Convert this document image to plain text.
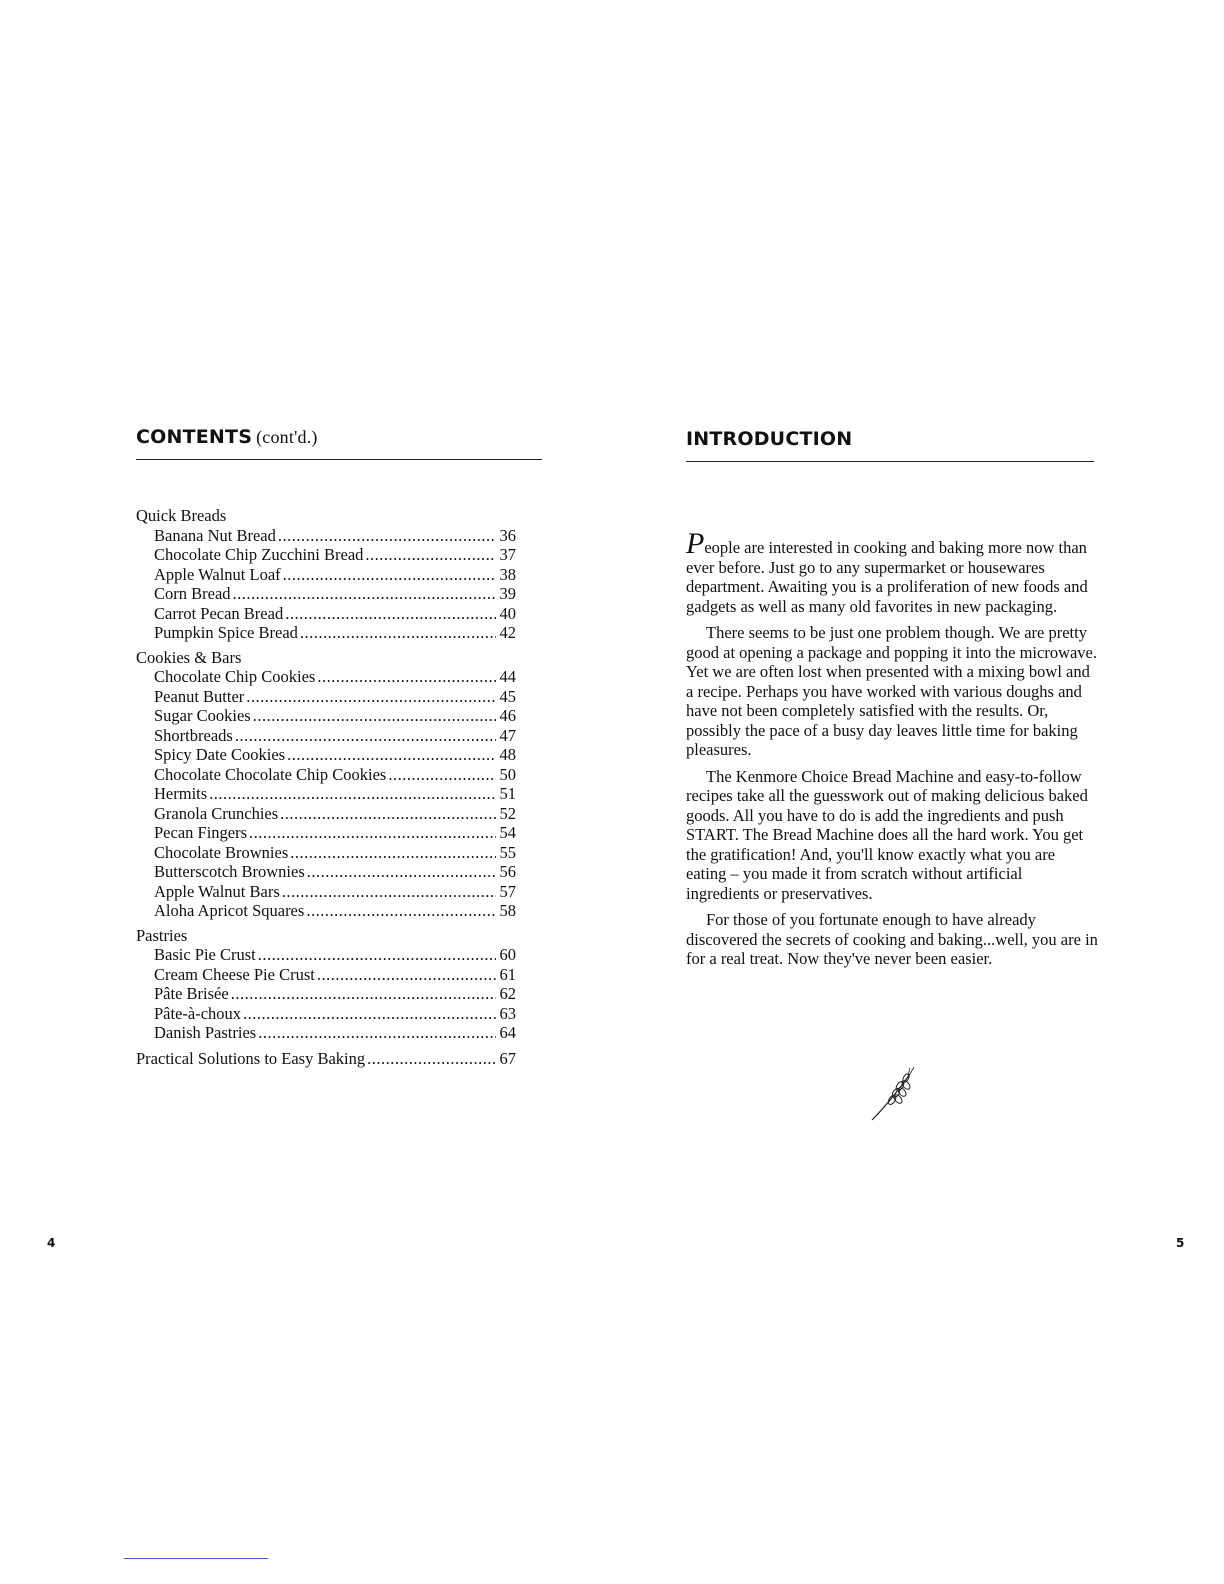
CONTENTS (cont'd.)
Quick Breads
Banana Nut Bread .....	36
Chocolate Chip Zucchini Bread .....	37
Apple Walnut Loaf .....	38
Corn Bread .....	39
Carrot Pecan Bread .....	40
Pumpkin Spice Bread .....	42
Cookies & Bars
Chocolate Chip Cookies .....	44
Peanut Butter .....	45
Sugar Cookies .....	46
Shortbreads .....	47
Spicy Date Cookies .....	48
Chocolate Chocolate Chip Cookies .....	50
Hermits .....	51
Granola Crunchies .....	52
Pecan Fingers .....	54
Chocolate Brownies .....	55
Butterscotch Brownies .....	56
Apple Walnut Bars .....	57
Aloha Apricot Squares .....	58
Pastries
Basic Pie Crust .....	60
Cream Cheese Pie Crust .....	61
Pâte Brisée .....	62
Pâte-à-choux .....	63
Danish Pastries .....	64
Practical Solutions to Easy Baking .....	67
4
INTRODUCTION

People are interested in cooking and baking more now than ever before. Just go to any supermarket or housewares department. Awaiting you is a proliferation of new foods and gadgets as well as many old favorites in new packaging.

There seems to be just one problem though. We are pretty good at opening a package and popping it into the microwave. Yet we are often lost when presented with a mixing bowl and a recipe. Perhaps you have worked with various doughs and have not been completely satisfied with the results. Or, possibly the pace of a busy day leaves little time for baking pleasures.

The Kenmore Choice Bread Machine and easy-to-follow recipes take all the guesswork out of making delicious baked goods. All you have to do is add the ingredients and push START. The Bread Machine does all the hard work. You get the gratification! And, you'll know exactly what you are eating – you made it from scratch without artificial ingredients or preservatives.

For those of you fortunate enough to have already discovered the secrets of cooking and baking...well, you are in for a real treat. Now they've never been easier.

5
